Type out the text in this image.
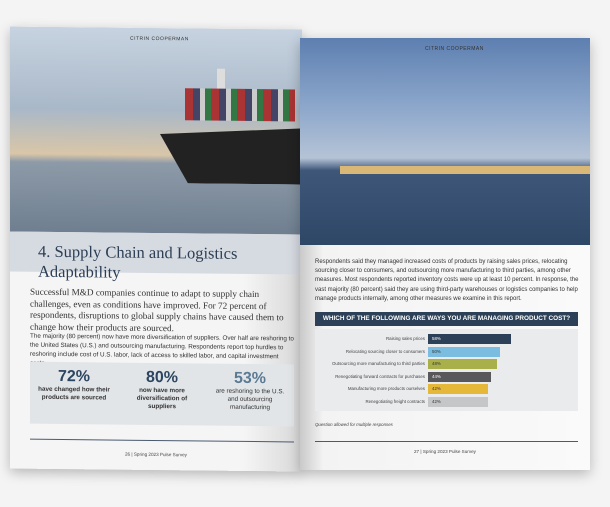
CITRIN COOPERMAN
4. Supply Chain and Logistics Adaptability

Successful M&D companies continue to adapt to supply chain challenges, even as conditions have improved. For 72 percent of respondents, disruptions to global supply chains have caused them to change how their products are sourced.

The majority (80 percent) now have more diversification of suppliers. Over half are reshoring to the United States (U.S.) and outsourcing manufacturing. Respondents report top hurdles to reshoring include cost of U.S. labor, lack of access to skilled labor, and capital investment

72%
have changed how their products are sourced
80%
now have more diversification of suppliers
53%
are reshoring to the U.S. and outsourcing manufacturing
26 | Spring 2023 Pulse Survey
CITRIN COOPERMAN

Respondents said they managed increased costs of products by raising sales prices, relocating sourcing closer to consumers, and outsourcing more manufacturing to third parties, among other measures. Most respondents reported inventory costs were up at least 10 percent. In response, the vast majority (80 percent) said they are using third-party warehouses or logistics companies to help manage products internally, among other measures we examine in this report.

WHICH OF THE FOLLOWING ARE WAYS YOU ARE MANAGING PRODUCT COST?
Raising sales prices	58%
Relocating sourcing closer to consumers	50%
Outsourcing more manufacturing to third parties	48%
Renegotiating forward contracts for purchases	44%
Manufacturing more products ourselves	42%
Renegotiating freight contracts	42%
Question allowed for multiple responses
27 | Spring 2023 Pulse Survey
